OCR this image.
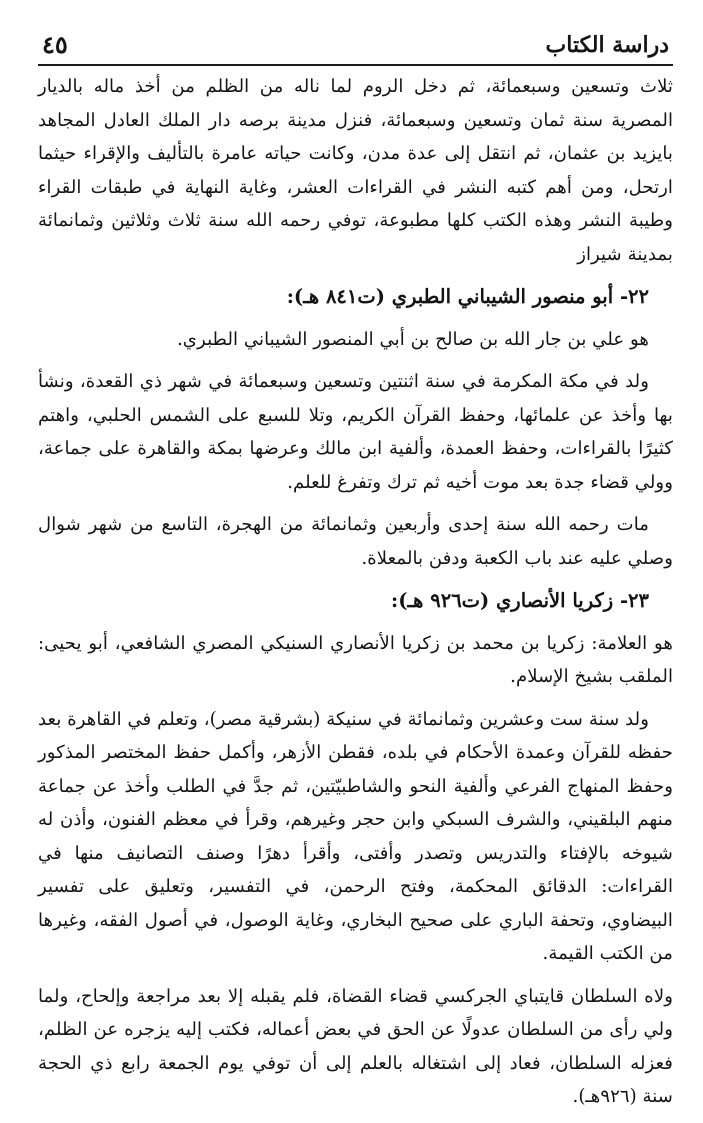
دراسة الكتاب
٤٥

ثلاث وتسعين وسبعمائة، ثم دخل الروم لما ناله من الظلم من أخذ ماله بالديار المصرية سنة ثمان وتسعين وسبعمائة، فنزل مدينة برصه دار الملك العادل المجاهد بايزيد بن عثمان، ثم انتقل إلى عدة مدن، وكانت حياته عامرة بالتأليف والإقراء حيثما ارتحل، ومن أهم كتبه النشر في القراءات العشر، وغاية النهاية في طبقات القراء وطيبة النشر وهذه الكتب كلها مطبوعة، توفي رحمه الله سنة ثلاث وثلاثين وثمانمائة بمدينة شيراز

٢٢- أبو منصور الشيباني الطبري (ت٨٤١ هـ):

هو علي بن جار الله بن صالح بن أبي المنصور الشيباني الطبري.

ولد في مكة المكرمة في سنة اثنتين وتسعين وسبعمائة في شهر ذي القعدة، ونشأ بها وأخذ عن علمائها، وحفظ القرآن الكريم، وتلا للسبع على الشمس الحلبي، واهتم كثيرًا بالقراءات، وحفظ العمدة، وألفية ابن مالك وعرضها بمكة والقاهرة على جماعة، وولي قضاء جدة بعد موت أخيه ثم ترك وتفرغ للعلم.

مات رحمه الله سنة إحدى وأربعين وثمانمائة من الهجرة، التاسع من شهر شوال وصلي عليه عند باب الكعبة ودفن بالمعلاة.

٢٣- زكريا الأنصاري (ت٩٢٦ هـ):

هو العلامة: زكريا بن محمد بن زكريا الأنصاري السنيكي المصري الشافعي، أبو يحيى: الملقب بشيخ الإسلام.

ولد سنة ست وعشرين وثمانمائة في سنيكة (بشرقية مصر)، وتعلم في القاهرة بعد حفظه للقرآن وعمدة الأحكام في بلده، فقطن الأزهر، وأكمل حفظ المختصر المذكور وحفظ المنهاج الفرعي وألفية النحو والشاطبيّتين، ثم جدَّ في الطلب وأخذ عن جماعة منهم البلقيني، والشرف السبكي وابن حجر وغيرهم، وقرأ في معظم الفنون، وأذن له شيوخه بالإفتاء والتدريس وتصدر وأفتى، وأقرأ دهرًا وصنف التصانيف منها في القراءات: الدقائق المحكمة، وفتح الرحمن، في التفسير، وتعليق على تفسير البيضاوي، وتحفة الباري على صحيح البخاري، وغاية الوصول، في أصول الفقه، وغيرها من الكتب القيمة.

ولاه السلطان قايتباي الجركسي قضاء القضاة، فلم يقبله إلا بعد مراجعة وإلحاح، ولما ولي رأى من السلطان عدولًا عن الحق في بعض أعماله، فكتب إليه يزجره عن الظلم، فعزله السلطان، فعاد إلى اشتغاله بالعلم إلى أن توفي يوم الجمعة رابع ذي الحجة سنة (٩٢٦هـ).
